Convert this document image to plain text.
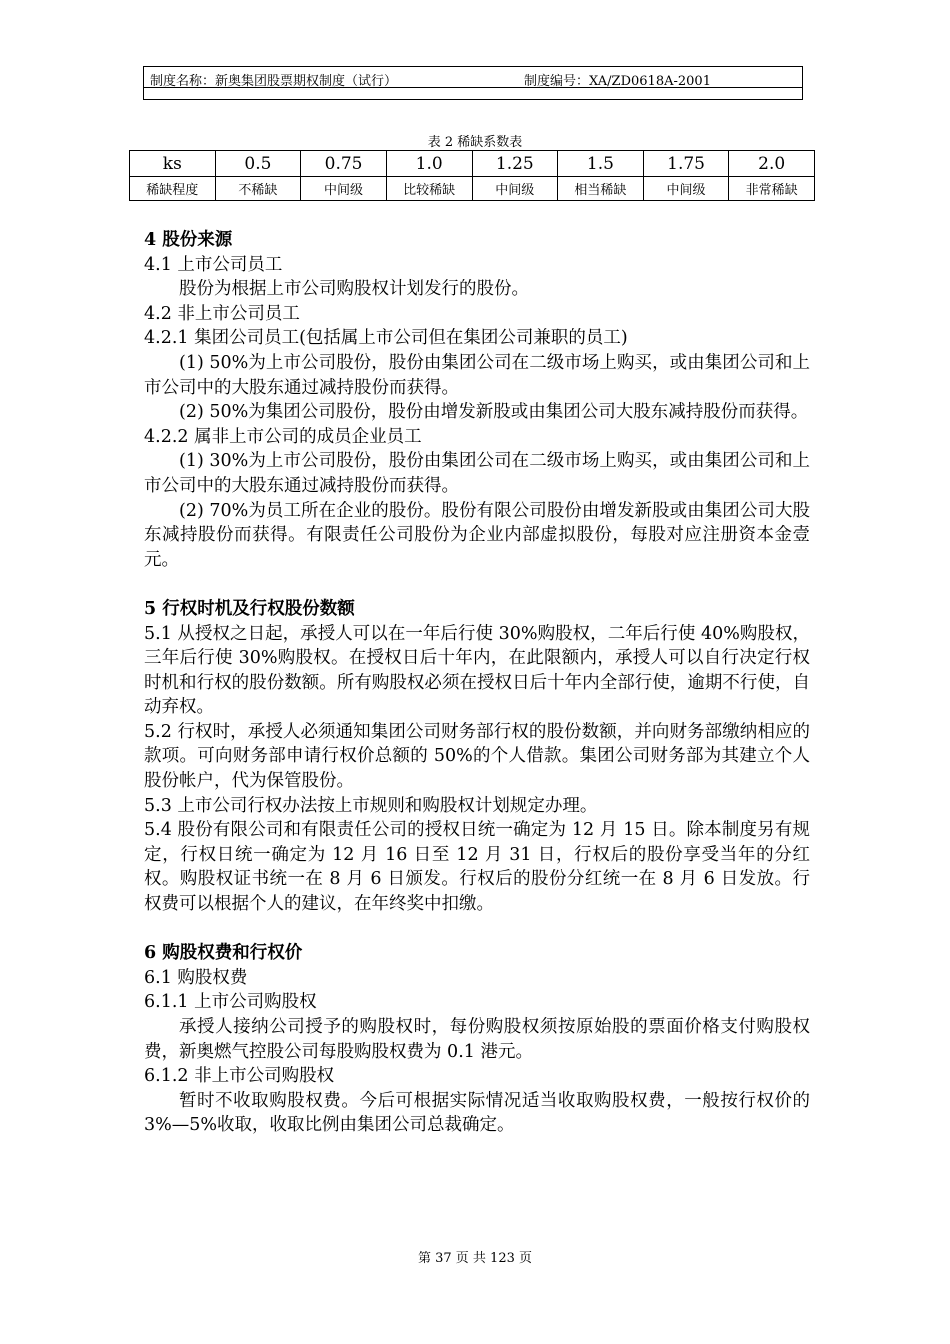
制度名称：新奥集团股票期权制度（试行）	制度编号：XA/ZD0618A-2001
表 2 稀缺系数表
ks	0.5	0.75	1.0	1.25	1.5	1.75	2.0
稀缺程度	不稀缺	中间级	比较稀缺	中间级	相当稀缺	中间级	非常稀缺

4 股份来源

4.1 上市公司员工

股份为根据上市公司购股权计划发行的股份。

4.2 非上市公司员工

4.2.1 集团公司员工(包括属上市公司但在集团公司兼职的员工)

(1) 50%为上市公司股份，股份由集团公司在二级市场上购买，或由集团公司和上市公司中的大股东通过减持股份而获得。

(2) 50%为集团公司股份，股份由增发新股或由集团公司大股东减持股份而获得。

4.2.2 属非上市公司的成员企业员工

(1) 30%为上市公司股份，股份由集团公司在二级市场上购买，或由集团公司和上市公司中的大股东通过减持股份而获得。

(2) 70%为员工所在企业的股份。股份有限公司股份由增发新股或由集团公司大股东减持股份而获得。有限责任公司股份为企业内部虚拟股份，每股对应注册资本金壹元。

5 行权时机及行权股份数额

5.1 从授权之日起，承授人可以在一年后行使 30%购股权，二年后行使 40%购股权，三年后行使 30%购股权。在授权日后十年内，在此限额内，承授人可以自行决定行权时机和行权的股份数额。所有购股权必须在授权日后十年内全部行使，逾期不行使，自动弃权。

5.2 行权时，承授人必须通知集团公司财务部行权的股份数额，并向财务部缴纳相应的款项。可向财务部申请行权价总额的 50%的个人借款。集团公司财务部为其建立个人股份帐户，代为保管股份。

5.3 上市公司行权办法按上市规则和购股权计划规定办理。

5.4 股份有限公司和有限责任公司的授权日统一确定为 12 月 15 日。除本制度另有规定，行权日统一确定为 12 月 16 日至 12 月 31 日，行权后的股份享受当年的分红权。购股权证书统一在 8 月 6 日颁发。行权后的股份分红统一在 8 月 6 日发放。行权费可以根据个人的建议，在年终奖中扣缴。

6 购股权费和行权价

6.1 购股权费

6.1.1 上市公司购股权

承授人接纳公司授予的购股权时，每份购股权须按原始股的票面价格支付购股权费，新奥燃气控股公司每股购股权费为 0.1 港元。

6.1.2 非上市公司购股权

暂时不收取购股权费。今后可根据实际情况适当收取购股权费，一般按行权价的 3%—5%收取，收取比例由集团公司总裁确定。

第 37 页 共 123 页
